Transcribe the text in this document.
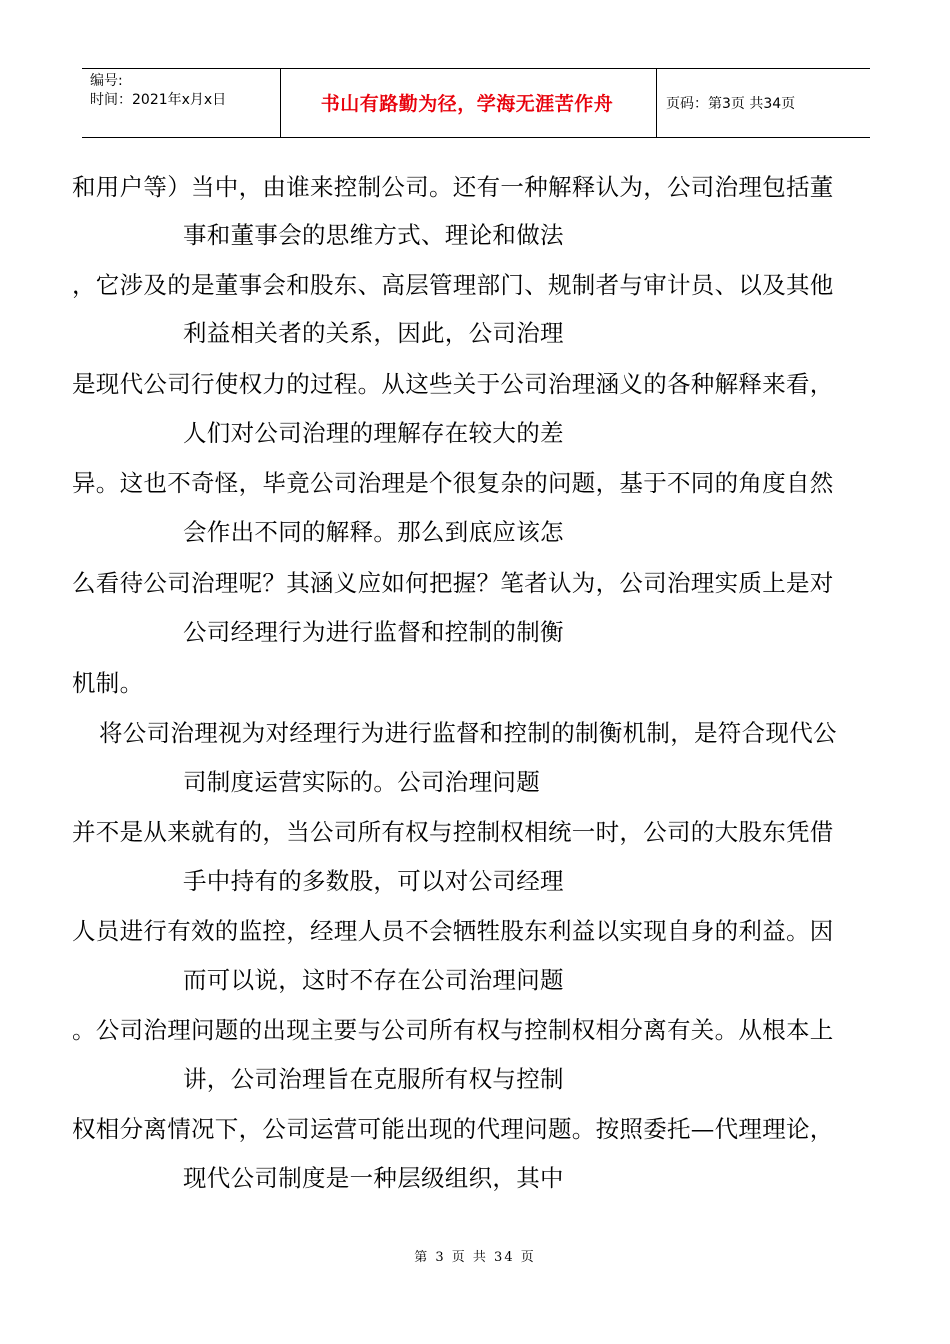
编号:
时间：2021年x月x日	书山有路勤为径，学海无涯苦作舟	页码：第3页 共34页
和用户等）当中，由谁来控制公司。还有一种解释认为，公司治理包括董
事和董事会的思维方式、理论和做法
，它涉及的是董事会和股东、高层管理部门、规制者与审计员、以及其他
利益相关者的关系，因此，公司治理
是现代公司行使权力的过程。从这些关于公司治理涵义的各种解释来看，
人们对公司治理的理解存在较大的差
异。这也不奇怪，毕竟公司治理是个很复杂的问题，基于不同的角度自然
会作出不同的解释。那么到底应该怎
么看待公司治理呢？其涵义应如何把握？笔者认为，公司治理实质上是对
公司经理行为进行监督和控制的制衡
机制。
将公司治理视为对经理行为进行监督和控制的制衡机制，是符合现代公
司制度运营实际的。公司治理问题
并不是从来就有的，当公司所有权与控制权相统一时，公司的大股东凭借
手中持有的多数股，可以对公司经理
人员进行有效的监控，经理人员不会牺牲股东利益以实现自身的利益。因
而可以说，这时不存在公司治理问题
。公司治理问题的出现主要与公司所有权与控制权相分离有关。从根本上
讲，公司治理旨在克服所有权与控制
权相分离情况下，公司运营可能出现的代理问题。按照委托—代理理论，
现代公司制度是一种层级组织，其中
第 3 页 共 34 页
